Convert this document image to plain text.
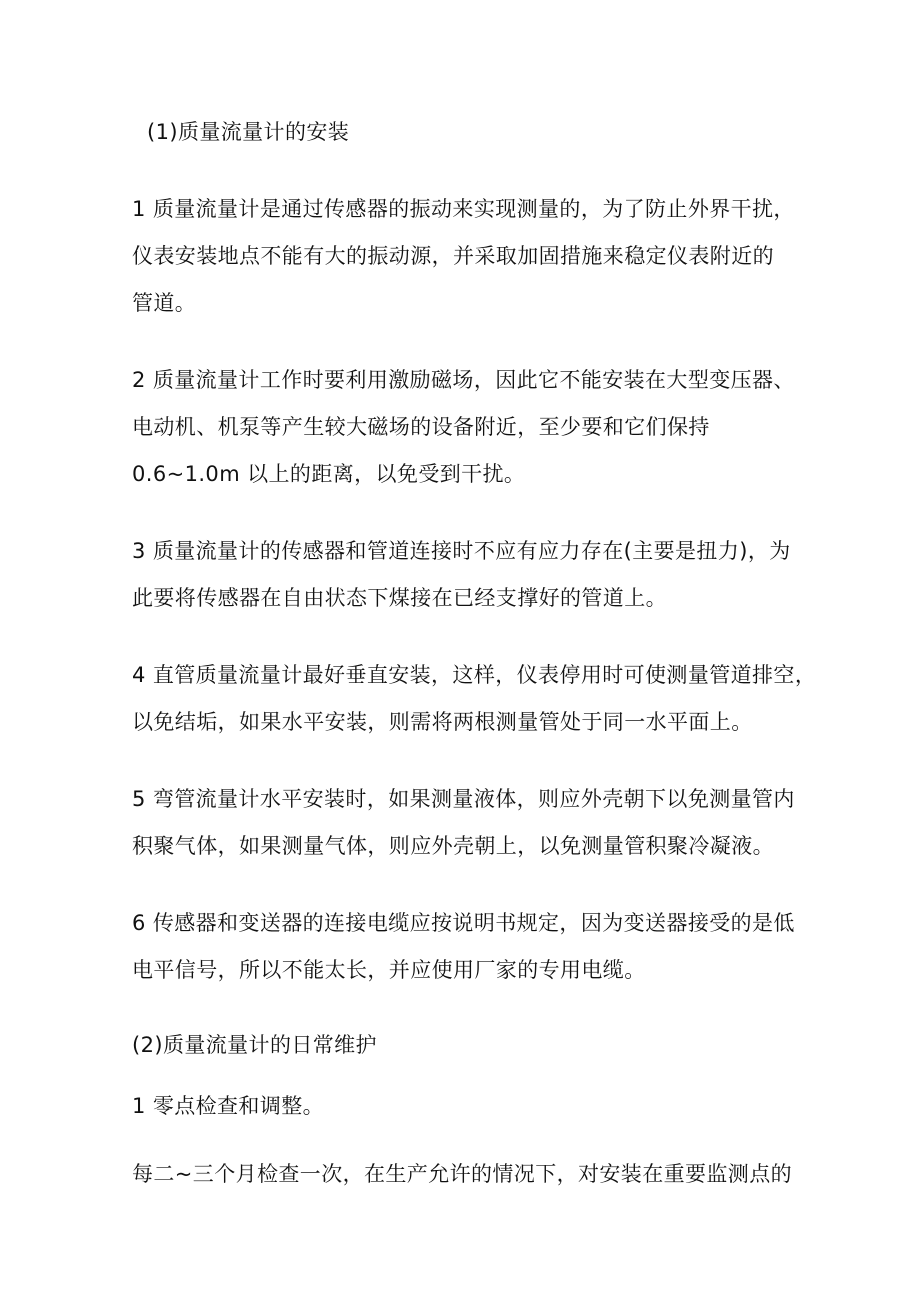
(1)质量流量计的安装
1 质量流量计是通过传感器的振动来实现测量的，为了防止外界干扰，
仪表安装地点不能有大的振动源，并采取加固措施来稳定仪表附近的
管道。
2 质量流量计工作时要利用激励磁场，因此它不能安装在大型变压器、
电动机、机泵等产生较大磁场的设备附近，至少要和它们保持
0.6~1.0m 以上的距离，以免受到干扰。
3 质量流量计的传感器和管道连接时不应有应力存在(主要是扭力)，为
此要将传感器在自由状态下煤接在已经支撑好的管道上。
4 直管质量流量计最好垂直安装，这样，仪表停用时可使测量管道排空，
以免结垢，如果水平安装，则需将两根测量管处于同一水平面上。
5 弯管流量计水平安装时，如果测量液体，则应外壳朝下以免测量管内
积聚气体，如果测量气体，则应外壳朝上，以免测量管积聚冷凝液。
6 传感器和变送器的连接电缆应按说明书规定，因为变送器接受的是低
电平信号，所以不能太长，并应使用厂家的专用电缆。
(2)质量流量计的日常维护
1 零点检查和调整。
每二~三个月检查一次，在生产允许的情况下，对安装在重要监测点的
